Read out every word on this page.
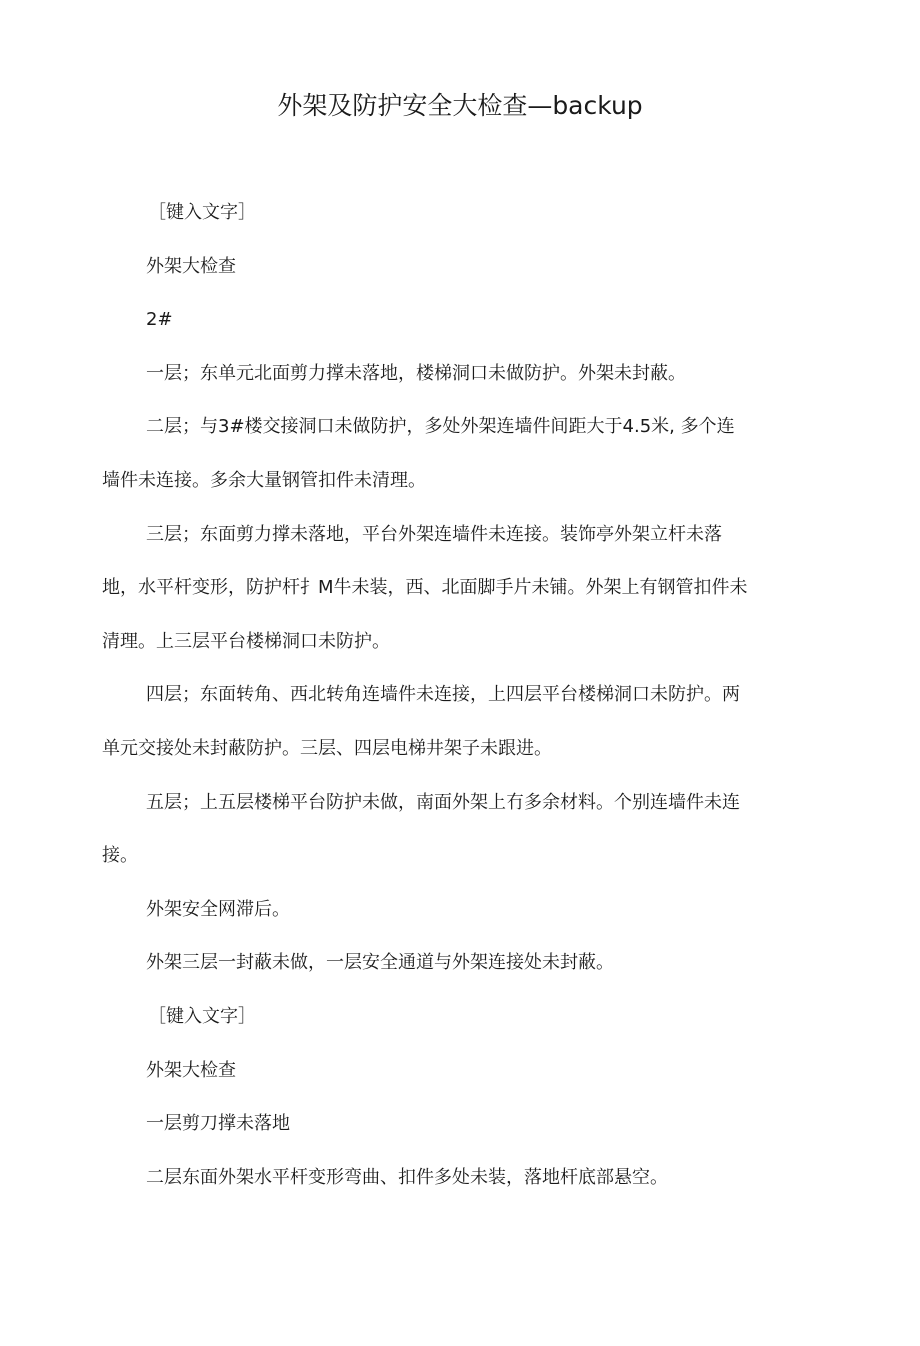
外架及防护安全大检查—backup

［键入文字］

外架大检查

2#

一层；东单元北面剪力撑未落地，楼梯洞口未做防护。外架未封蔽。

二层；与3#楼交接洞口未做防护，多处外架连墙件间距大于4.5米, 多个连墙件未连接。多余大量钢管扣件未清理。

三层；东面剪力撑未落地，平台外架连墙件未连接。装饰亭外架立杆未落地，水平杆变形，防护杆扌M牛未装，西、北面脚手片未铺。外架上有钢管扣件未清理。上三层平台楼梯洞口未防护。

四层；东面转角、西北转角连墙件未连接，上四层平台楼梯洞口未防护。两单元交接处未封蔽防护。三层、四层电梯井架子未跟进。

五层；上五层楼梯平台防护未做，南面外架上冇多余材料。个别连墙件未连接。

外架安全网滞后。

外架三层一封蔽未做，一层安全通道与外架连接处未封蔽。

［键入文字］

外架大检查

一层剪刀撑未落地

二层东面外架水平杆变形弯曲、扣件多处未装，落地杆底部悬空。
